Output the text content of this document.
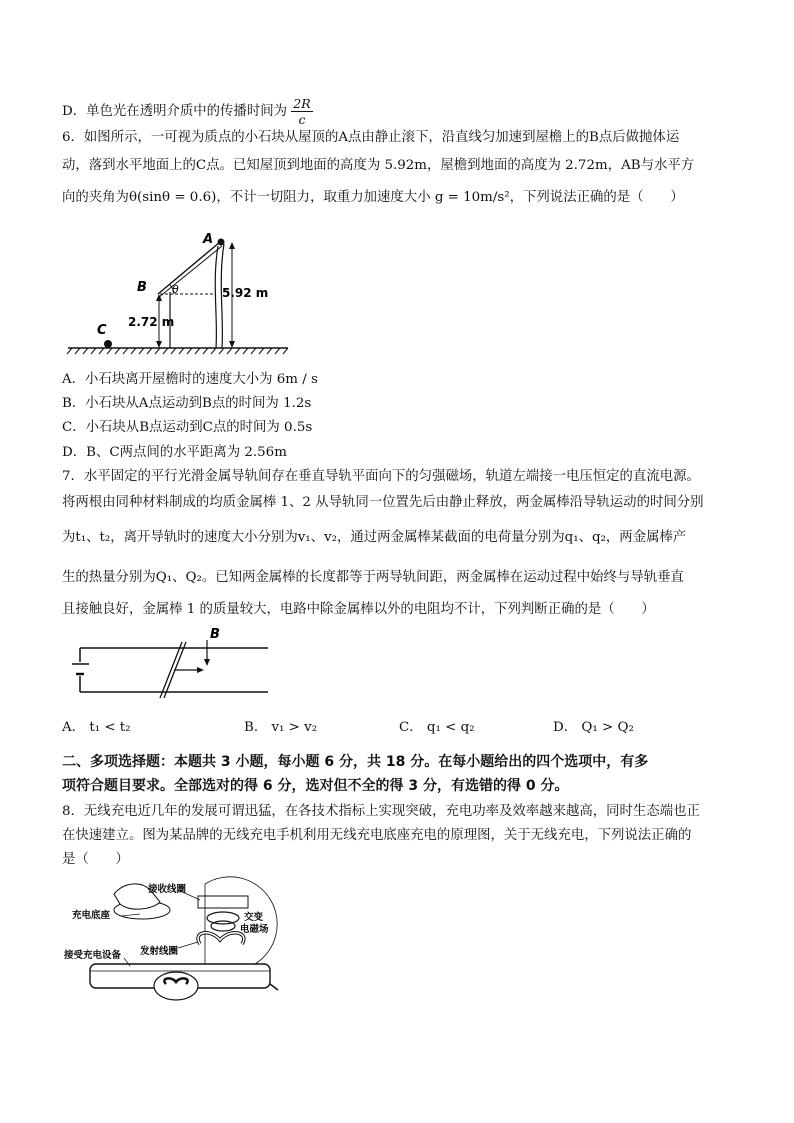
D．单色光在透明介质中的传播时间为 $\frac{2R}{c}$
6．如图所示，一可视为质点的小石块从屋顶的A点由静止滚下，沿直线匀加速到屋檐上的B点后做抛体运
动，落到水平地面上的C点。已知屋顶到地面的高度为 5.92m，屋檐到地面的高度为 2.72m，AB与水平方
向的夹角为θ(sinθ = 0.6)，不计一切阻力，取重力加速度大小 g = 10m/s²，下列说法正确的是（　　）
A
B
C
θ	5.92 m
2.72 m
A．小石块离开屋檐时的速度大小为 6m / s
B．小石块从A点运动到B点的时间为 1.2s
C．小石块从B点运动到C点的时间为 0.5s
D．B、C两点间的水平距离为 2.56m
7．水平固定的平行光滑金属导轨间存在垂直导轨平面向下的匀强磁场，轨道左端接一电压恒定的直流电源。
将两根由同种材料制成的均质金属棒 1、2 从导轨同一位置先后由静止释放，两金属棒沿导轨运动的时间分别
为t₁、t₂，离开导轨时的速度大小分别为v₁、v₂，通过两金属棒某截面的电荷量分别为q₁、q₂，两金属棒产
生的热量分别为Q₁、Q₂。已知两金属棒的长度都等于两导轨间距，两金属棒在运动过程中始终与导轨垂直
且接触良好，金属棒 1 的质量较大，电路中除金属棒以外的电阻均不计，下列判断正确的是（　　）
B
A． t₁ < t₂	B． v₁ > v₂	C． q₁ < q₂	D． Q₁ > Q₂
二、多项选择题：本题共 3 小题，每小题 6 分，共 18 分。在每小题给出的四个选项中，有多
项符合题目要求。全部选对的得 6 分，选对但不全的得 3 分，有选错的得 0 分。
8．无线充电近几年的发展可谓迅猛，在各技术指标上实现突破，充电功率及效率越来越高，同时生态端也正
在快速建立。图为某品牌的无线充电手机利用无线充电底座充电的原理图，关于无线充电，下列说法正确的
是（　　）
接收线圈
充电底座	交变
电磁场
接受充电设备 发射线圈
